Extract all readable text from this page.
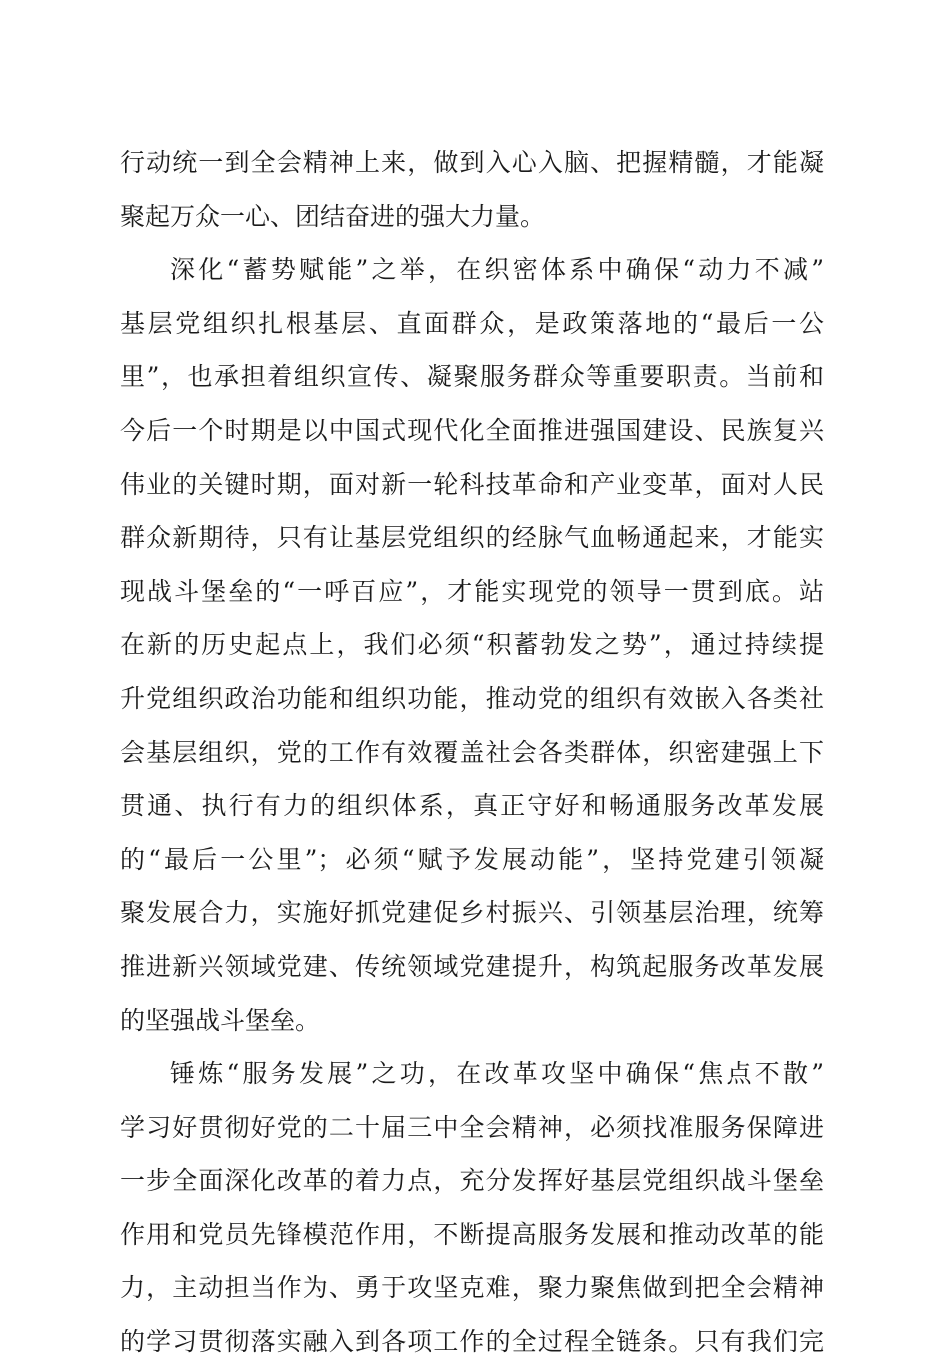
行动统一到全会精神上来，做到入心入脑、把握精髓，才能凝
聚起万众一心、团结奋进的强大力量。
深化“蓄势赋能”之举，在织密体系中确保“动力不减”
基层党组织扎根基层、直面群众，是政策落地的“最后一公
里”，也承担着组织宣传、凝聚服务群众等重要职责。当前和
今后一个时期是以中国式现代化全面推进强国建设、民族复兴
伟业的关键时期，面对新一轮科技革命和产业变革，面对人民
群众新期待，只有让基层党组织的经脉气血畅通起来，才能实
现战斗堡垒的“一呼百应”，才能实现党的领导一贯到底。站
在新的历史起点上，我们必须“积蓄勃发之势”，通过持续提
升党组织政治功能和组织功能，推动党的组织有效嵌入各类社
会基层组织，党的工作有效覆盖社会各类群体，织密建强上下
贯通、执行有力的组织体系，真正守好和畅通服务改革发展
的“最后一公里”；必须“赋予发展动能”，坚持党建引领凝
聚发展合力，实施好抓党建促乡村振兴、引领基层治理，统筹
推进新兴领域党建、传统领域党建提升，构筑起服务改革发展
的坚强战斗堡垒。
锤炼“服务发展”之功，在改革攻坚中确保“焦点不散”
学习好贯彻好党的二十届三中全会精神，必须找准服务保障进
一步全面深化改革的着力点，充分发挥好基层党组织战斗堡垒
作用和党员先锋模范作用，不断提高服务发展和推动改革的能
力，主动担当作为、勇于攻坚克难，聚力聚焦做到把全会精神
的学习贯彻落实融入到各项工作的全过程全链条。只有我们完
